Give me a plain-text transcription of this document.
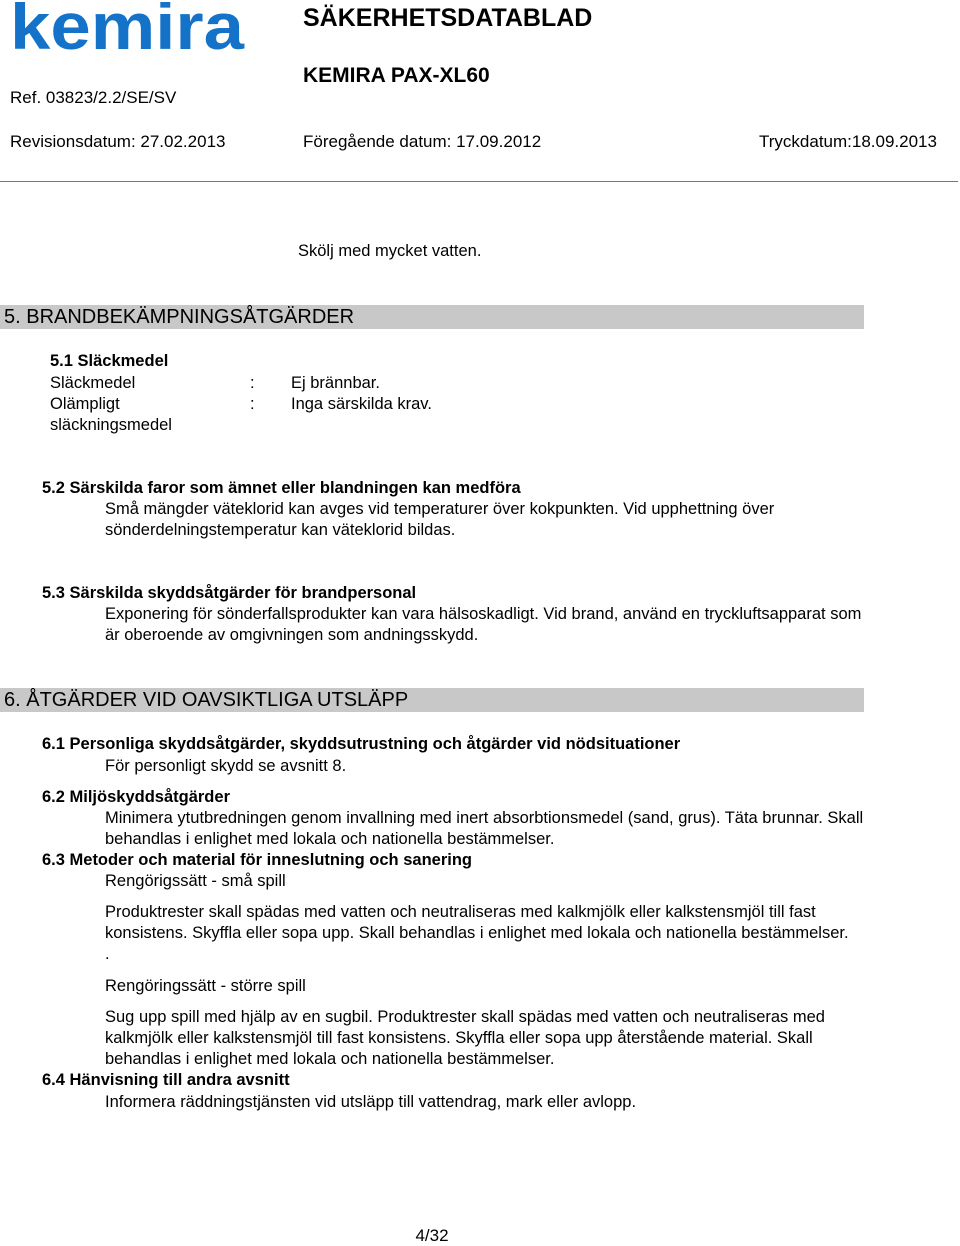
kemira SÄKERHETSDATABLAD
KEMIRA PAX-XL60
Ref. 03823/2.2/SE/SV
Revisionsdatum: 27.02.2013	Föregående datum: 17.09.2012	Tryckdatum:18.09.2013
Skölj med mycket vatten.
5. BRANDBEKÄMPNINGSÅTGÄRDER
5.1 Släckmedel
Släckmedel	: Ej brännbar.
Olämpligt	: Inga särskilda krav.
släckningsmedel
5.2 Särskilda faror som ämnet eller blandningen kan medföra
Små mängder väteklorid kan avges vid temperaturer över kokpunkten. Vid upphettning över
sönderdelningstemperatur kan väteklorid bildas.
5.3 Särskilda skyddsåtgärder för brandpersonal
Exponering för sönderfallsprodukter kan vara hälsoskadligt. Vid brand, använd en tryckluftsapparat som
är oberoende av omgivningen som andningsskydd.
6. ÅTGÄRDER VID OAVSIKTLIGA UTSLÄPP
6.1 Personliga skyddsåtgärder, skyddsutrustning och åtgärder vid nödsituationer
För personligt skydd se avsnitt 8.
6.2 Miljöskyddsåtgärder
Minimera ytutbredningen genom invallning med inert absorbtionsmedel (sand, grus). Täta brunnar. Skall
behandlas i enlighet med lokala och nationella bestämmelser.
6.3 Metoder och material för inneslutning och sanering
Rengörigssätt - små spill
Produktrester skall spädas med vatten och neutraliseras med kalkmjölk eller kalkstensmjöl till fast
konsistens. Skyffla eller sopa upp. Skall behandlas i enlighet med lokala och nationella bestämmelser.
.
Rengöringssätt - större spill
Sug upp spill med hjälp av en sugbil. Produktrester skall spädas med vatten och neutraliseras med
kalkmjölk eller kalkstensmjöl till fast konsistens. Skyffla eller sopa upp återstående material. Skall
behandlas i enlighet med lokala och nationella bestämmelser.
6.4 Hänvisning till andra avsnitt
Informera räddningstjänsten vid utsläpp till vattendrag, mark eller avlopp.
4/32
